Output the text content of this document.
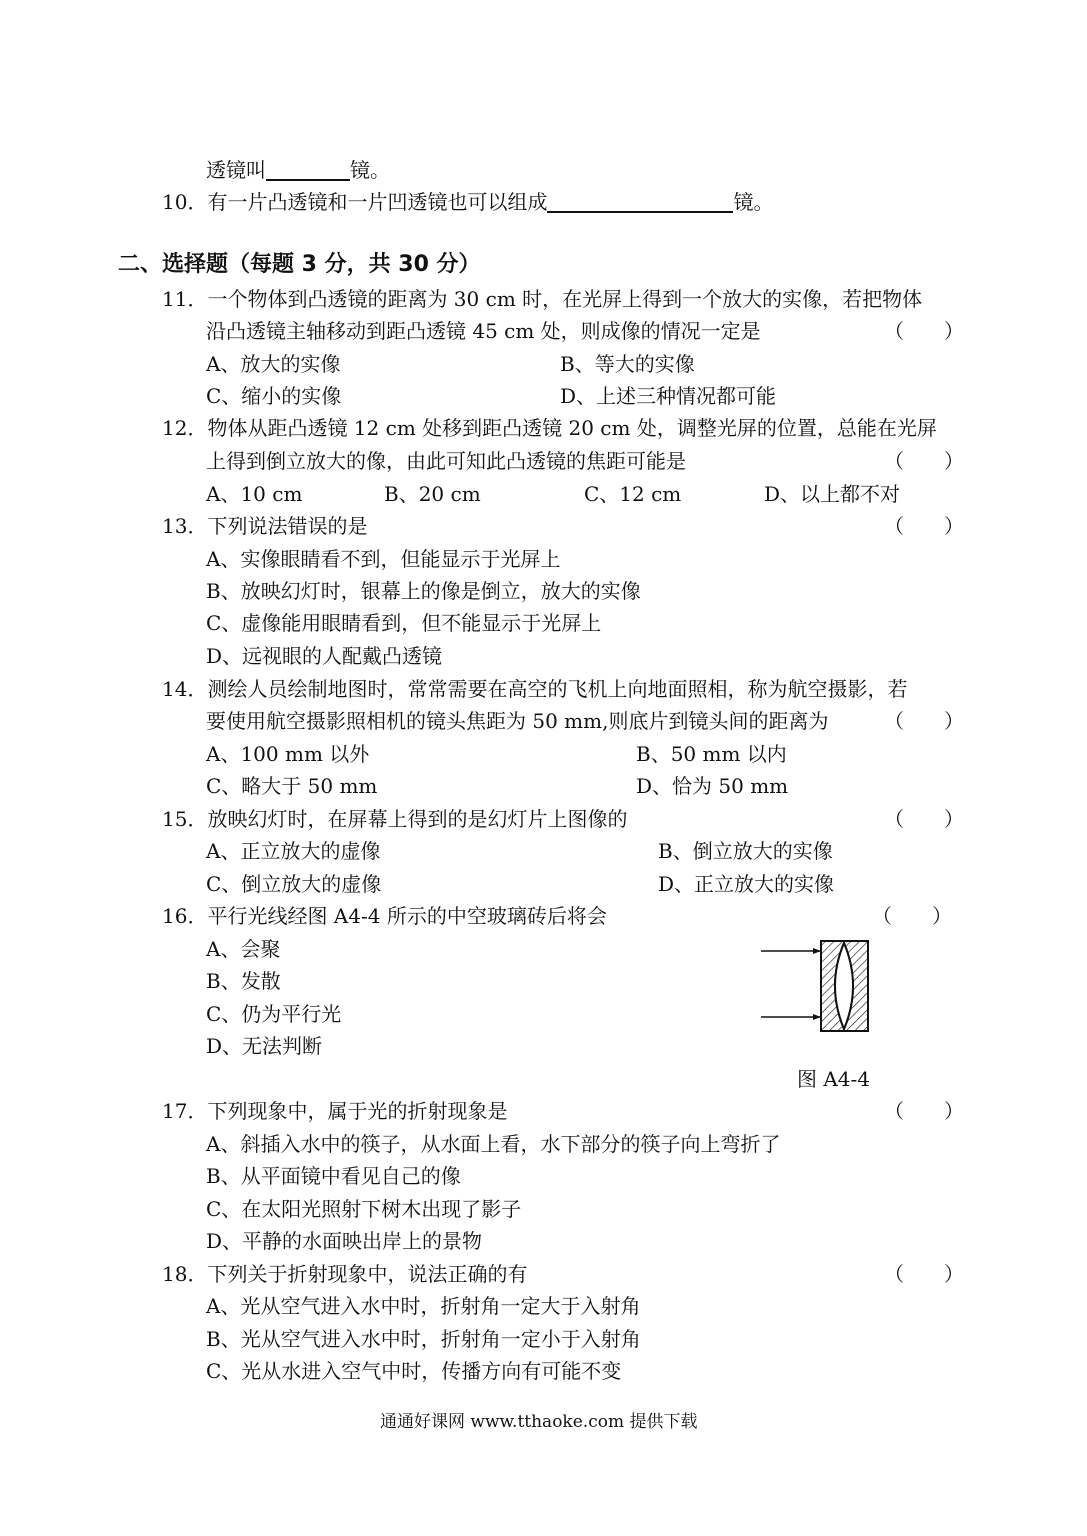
透镜叫	镜。
10．有一片凸透镜和一片凹透镜也可以组成	镜。
二、选择题（每题 3 分，共 30 分）
11．一个物体到凸透镜的距离为 30 cm 时，在光屏上得到一个放大的实像，若把物体
沿凸透镜主轴移动到距凸透镜 45 cm 处，则成像的情况一定是	（　　）
A、放大的实像	B、等大的实像
C、缩小的实像	D、上述三种情况都可能
12．物体从距凸透镜 12 cm 处移到距凸透镜 20 cm 处，调整光屏的位置，总能在光屏
上得到倒立放大的像，由此可知此凸透镜的焦距可能是	（　　）
A、10 cm	B、20 cm	C、12 cm	D、以上都不对
13．下列说法错误的是	（　　）
A、实像眼睛看不到，但能显示于光屏上
B、放映幻灯时，银幕上的像是倒立，放大的实像
C、虚像能用眼睛看到，但不能显示于光屏上
D、远视眼的人配戴凸透镜
14．测绘人员绘制地图时，常常需要在高空的飞机上向地面照相，称为航空摄影，若
要使用航空摄影照相机的镜头焦距为 50 mm,则底片到镜头间的距离为	（　　）
A、100 mm 以外	B、50 mm 以内
C、略大于 50 mm	D、恰为 50 mm
15．放映幻灯时，在屏幕上得到的是幻灯片上图像的	（　　）
A、正立放大的虚像	B、倒立放大的实像
C、倒立放大的虚像	D、正立放大的实像
16．平行光线经图 A4-4 所示的中空玻璃砖后将会	（　　）
A、会聚
B、发散
C、仍为平行光
D、无法判断
图 A4-4
17．下列现象中，属于光的折射现象是	（　　）
A、斜插入水中的筷子，从水面上看，水下部分的筷子向上弯折了
B、从平面镜中看见自己的像
C、在太阳光照射下树木出现了影子
D、平静的水面映出岸上的景物
18．下列关于折射现象中，说法正确的有	（　　）
A、光从空气进入水中时，折射角一定大于入射角
B、光从空气进入水中时，折射角一定小于入射角
C、光从水进入空气中时，传播方向有可能不变
通通好课网 www.tthaoke.com 提供下载
